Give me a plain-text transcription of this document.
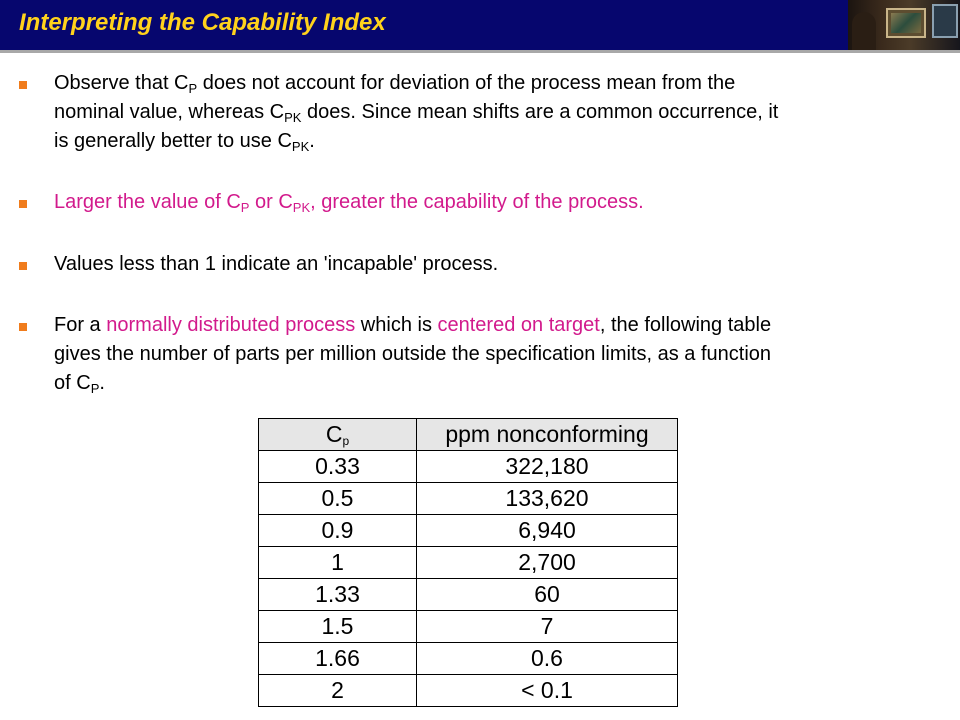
Interpreting the Capability Index
Observe that $C_P$ does not account for deviation of the process mean from the
nominal value, whereas $C_{PK}$ does. Since mean shifts are a common occurrence, it
is generally better to use $C_{PK}$.
Larger the value of $C_P$ or $C_{PK}$, greater the capability of the process.
Values less than 1 indicate an 'incapable' process.
For a normally distributed process which is centered on target, the following table
gives the number of parts per million outside the specification limits, as a function
of $C_P$.
$C_p$	ppm nonconforming
0.33	322,180
0.5	133,620
0.9	6,940
1	2,700
1.33	60
1.5	7
1.66	0.6
2	< 0.1
